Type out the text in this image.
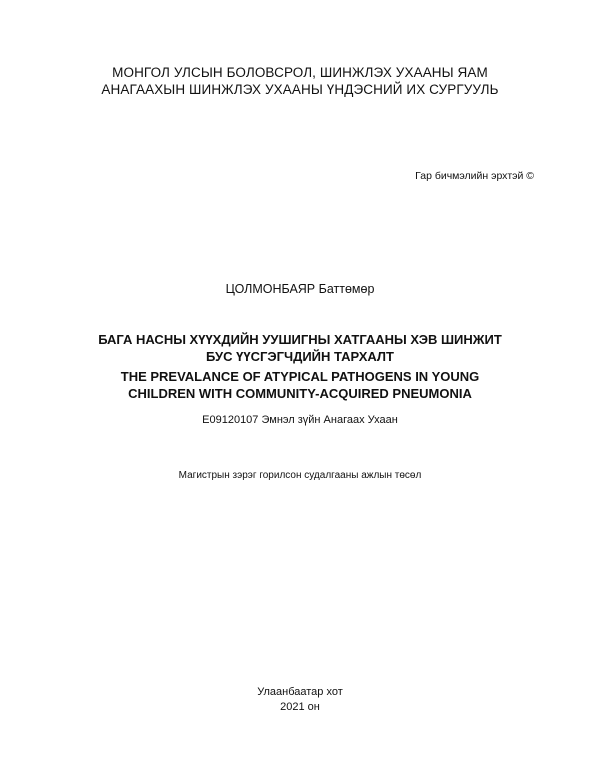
МОНГОЛ УЛСЫН БОЛОВСРОЛ, ШИНЖЛЭХ УХААНЫ ЯАМ
АНАГААХЫН ШИНЖЛЭХ УХААНЫ ҮНДЭСНИЙ ИХ СУРГУУЛЬ
Гар бичмэлийн эрхтэй ©
ЦОЛМОНБАЯР Баттөмөр
БАГА НАСНЫ ХҮҮХДИЙН УУШИГНЫ ХАТГААНЫ ХЭВ ШИНЖИТ
БУС ҮҮСГЭГЧДИЙН ТАРХАЛТ
THE PREVALANCE OF ATYPICAL PATHOGENS IN YOUNG
CHILDREN WITH COMMUNITY-ACQUIRED PNEUMONIA
E09120107 Эмнэл зүйн Анагаах Ухаан
Магистрын зэрэг горилсон судалгааны ажлын төсөл
Улаанбаатар хот
2021 он
